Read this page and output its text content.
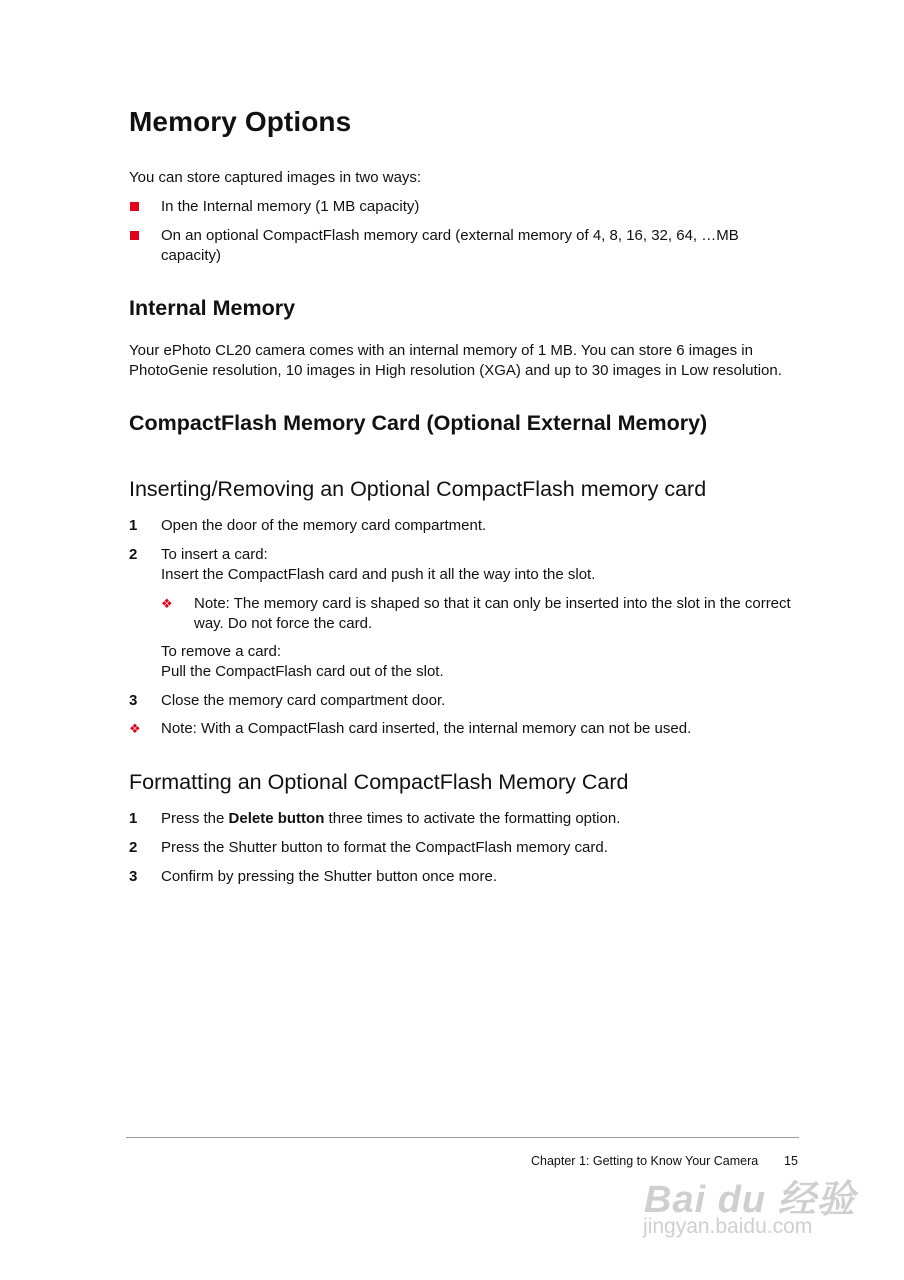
Memory Options
You can store captured images in two ways:
In the Internal memory (1 MB capacity)
On an optional CompactFlash memory card (external memory of 4, 8, 16, 32, 64, …MB
capacity)
Internal Memory
Your ePhoto CL20 camera comes with an internal memory of 1 MB. You can store 6 images in
PhotoGenie resolution, 10 images in High resolution (XGA) and up to 30 images in Low resolution.
CompactFlash Memory Card (Optional External Memory)
Inserting/Removing an Optional CompactFlash memory card
1	Open the door of the memory card compartment.
2	To insert a card:
Insert the CompactFlash card and push it all the way into the slot.
❖	Note: The memory card is shaped so that it can only be inserted into the slot in the correct
way. Do not force the card.
To remove a card:
Pull the CompactFlash card out of the slot.
3	Close the memory card compartment door.
❖	Note: With a CompactFlash card inserted, the internal memory can not be used.
Formatting an Optional CompactFlash Memory Card
1	Press the Delete button three times to activate the formatting option.
2	Press the Shutter button to format the CompactFlash memory card.
3	Confirm by pressing the Shutter button once more.
Chapter 1: Getting to Know Your Camera 15
Bai du 经验
jingyan.baidu.com
